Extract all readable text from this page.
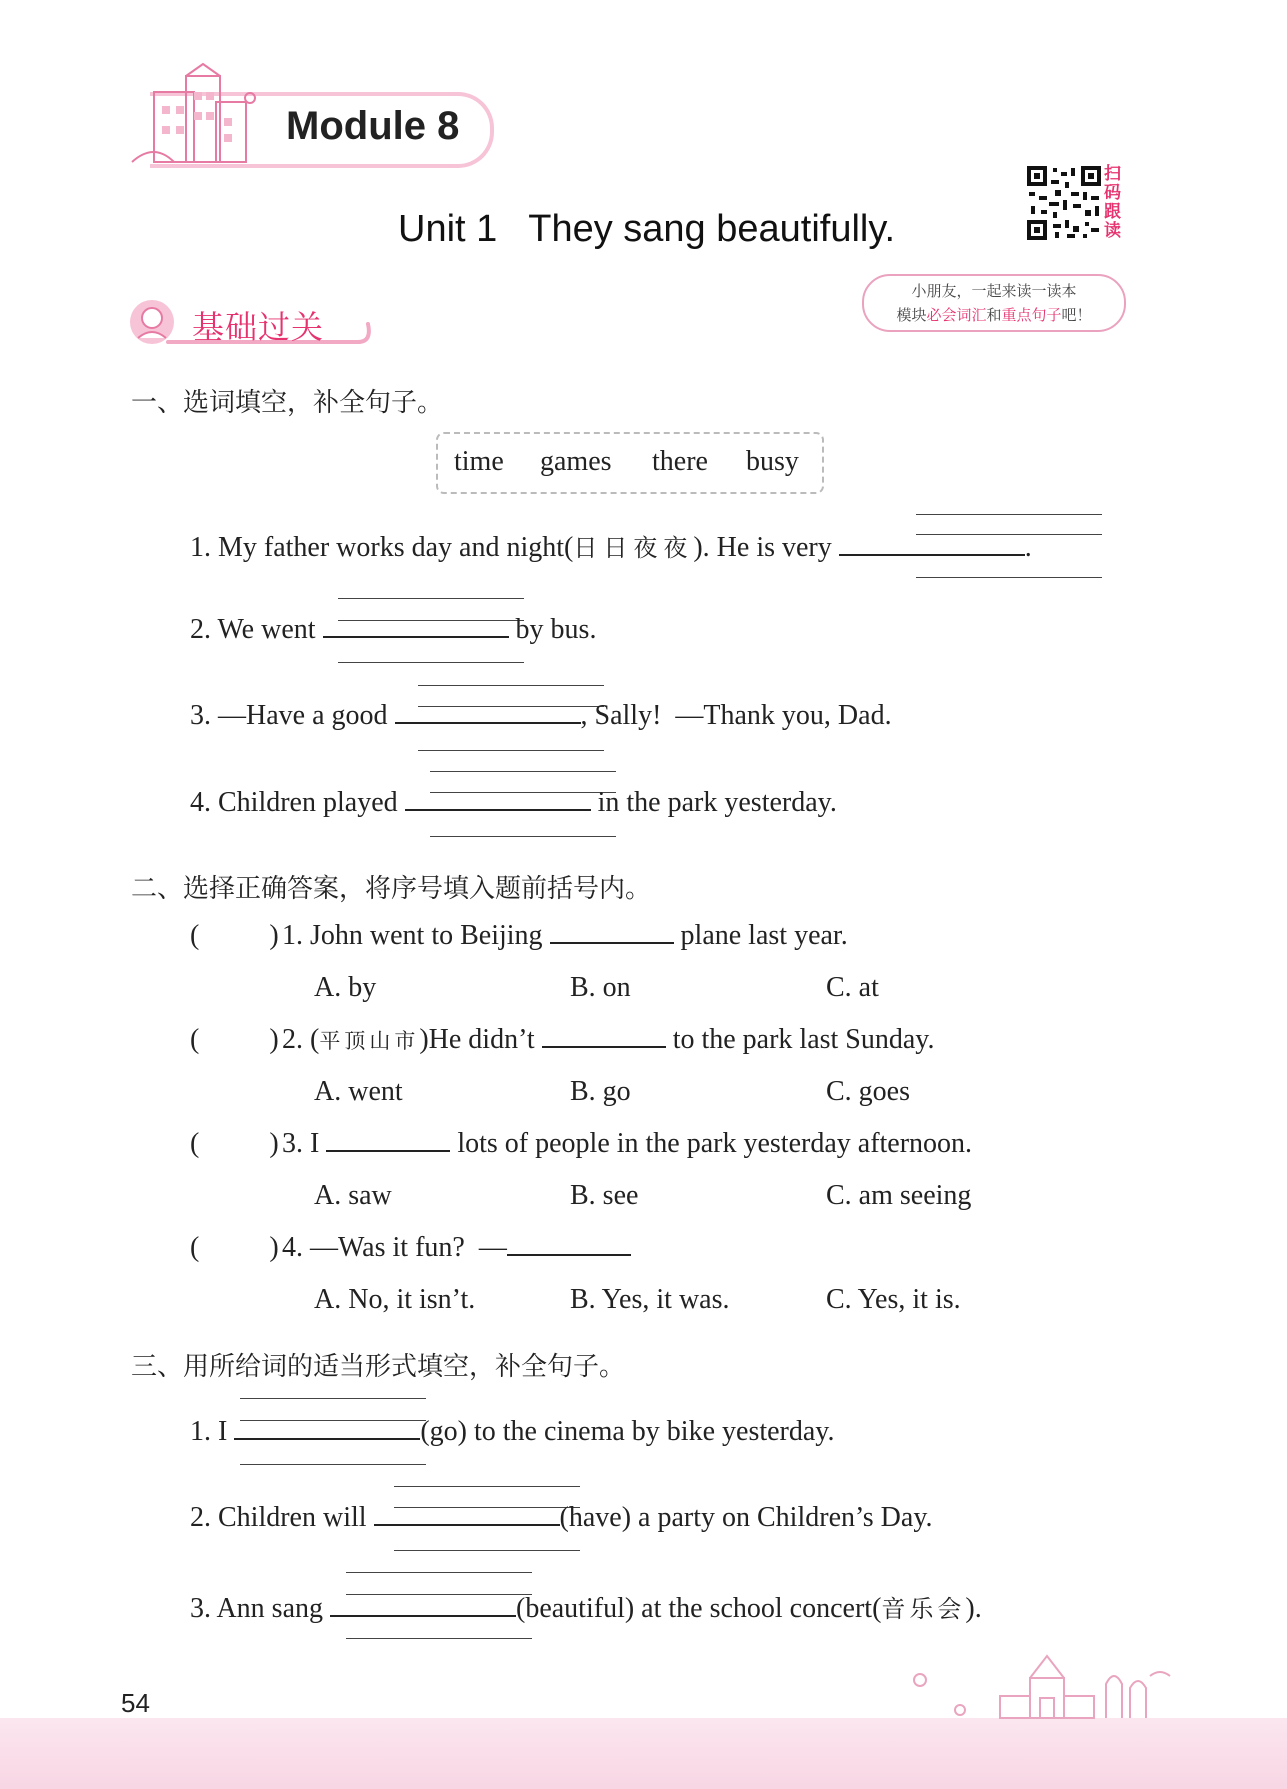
Module 8
Unit 1   They sang beautifully.
扫
码
跟
读
小朋友，一起来读一读本
模块必会词汇和重点句子吧！
基础过关
一、选词填空，补全句子。
time games there busy
1. My father works day and night(日日夜夜). He is very	.
2. We went	by bus.
3. —Have a good	, Sally!  —Thank you, Dad.
4. Children played	in the park yesterday.
二、选择正确答案，将序号填入题前括号内。
(          ) 1. John went to Beijing	plane last year.
A. by	B. on	C. at
(          ) 2. (平顶山市)He didn’t	to the park last Sunday.
A. went	B. go	C. goes
(          ) 3. I	lots of people in the park yesterday afternoon.
A. saw	B. see	C. am seeing
(          ) 4. —Was it fun?  —
A. No, it isn’t.	B. Yes, it was.	C. Yes, it is.
三、用所给词的适当形式填空，补全句子。
1. I	(go) to the cinema by bike yesterday.
2. Children will	(have) a party on Children’s Day.
3. Ann sang	(beautiful) at the school concert(音乐会).
54
